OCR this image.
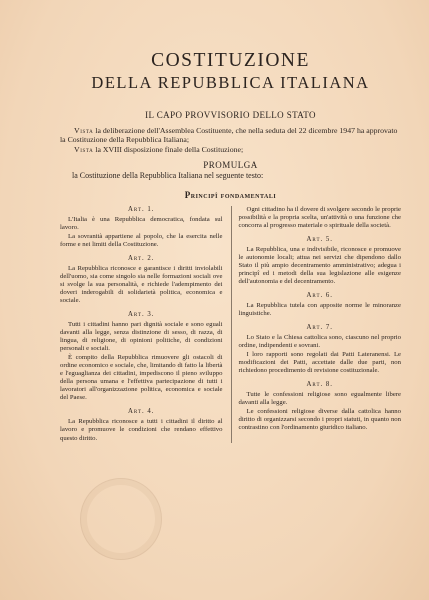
COSTITUZIONE
DELLA REPUBBLICA ITALIANA
IL CAPO PROVVISORIO DELLO STATO

Vista la deliberazione dell'Assemblea Costituente, che nella seduta del 22 dicembre 1947 ha approvato la Costituzione della Repubblica Italiana;

Vista la XVIII disposizione finale della Costituzione;

PROMULGA

la Costituzione della Repubblica Italiana nel seguente testo:

Principî fondamentali
Art. 1.

L'Italia è una Repubblica democratica, fondata sul lavoro.

La sovranità appartiene al popolo, che la esercita nelle forme e nei limiti della Costituzione.

Art. 2.

La Repubblica riconosce e garantisce i diritti inviolabili dell'uomo, sia come singolo sia nelle formazioni sociali ove si svolge la sua personalità, e richiede l'adempimento dei doveri inderogabili di solidarietà politica, economica e sociale.

Art. 3.

Tutti i cittadini hanno pari dignità sociale e sono eguali davanti alla legge, senza distinzione di sesso, di razza, di lingua, di religione, di opinioni politiche, di condizioni personali e sociali.

È compito della Repubblica rimuovere gli ostacoli di ordine economico e sociale, che, limitando di fatto la libertà e l'eguaglianza dei cittadini, impediscono il pieno sviluppo della persona umana e l'effettiva partecipazione di tutti i lavoratori all'organizzazione politica, economica e sociale del Paese.

Art. 4.

La Repubblica riconosce a tutti i cittadini il diritto al lavoro e promuove le condizioni che rendano effettivo questo diritto.

Ogni cittadino ha il dovere di svolgere secondo le proprie possibilità e la propria scelta, un'attività o una funzione che concorra al progresso materiale o spirituale della società.

Art. 5.

La Repubblica, una e indivisibile, riconosce e promuove le autonomie locali; attua nei servizi che dipendono dallo Stato il più ampio decentramento amministrativo; adegua i principî ed i metodi della sua legislazione alle esigenze dell'autonomia e del decentramento.

Art. 6.

La Repubblica tutela con apposite norme le minoranze linguistiche.

Art. 7.

Lo Stato e la Chiesa cattolica sono, ciascuno nel proprio ordine, indipendenti e sovrani.

I loro rapporti sono regolati dai Patti Lateranensi. Le modificazioni dei Patti, accettate dalle due parti, non richiedono procedimento di revisione costituzionale.

Art. 8.

Tutte le confessioni religiose sono egualmente libere davanti alla legge.

Le confessioni religiose diverse dalla cattolica hanno diritto di organizzarsi secondo i propri statuti, in quanto non contrastino con l'ordinamento giuridico italiano.
